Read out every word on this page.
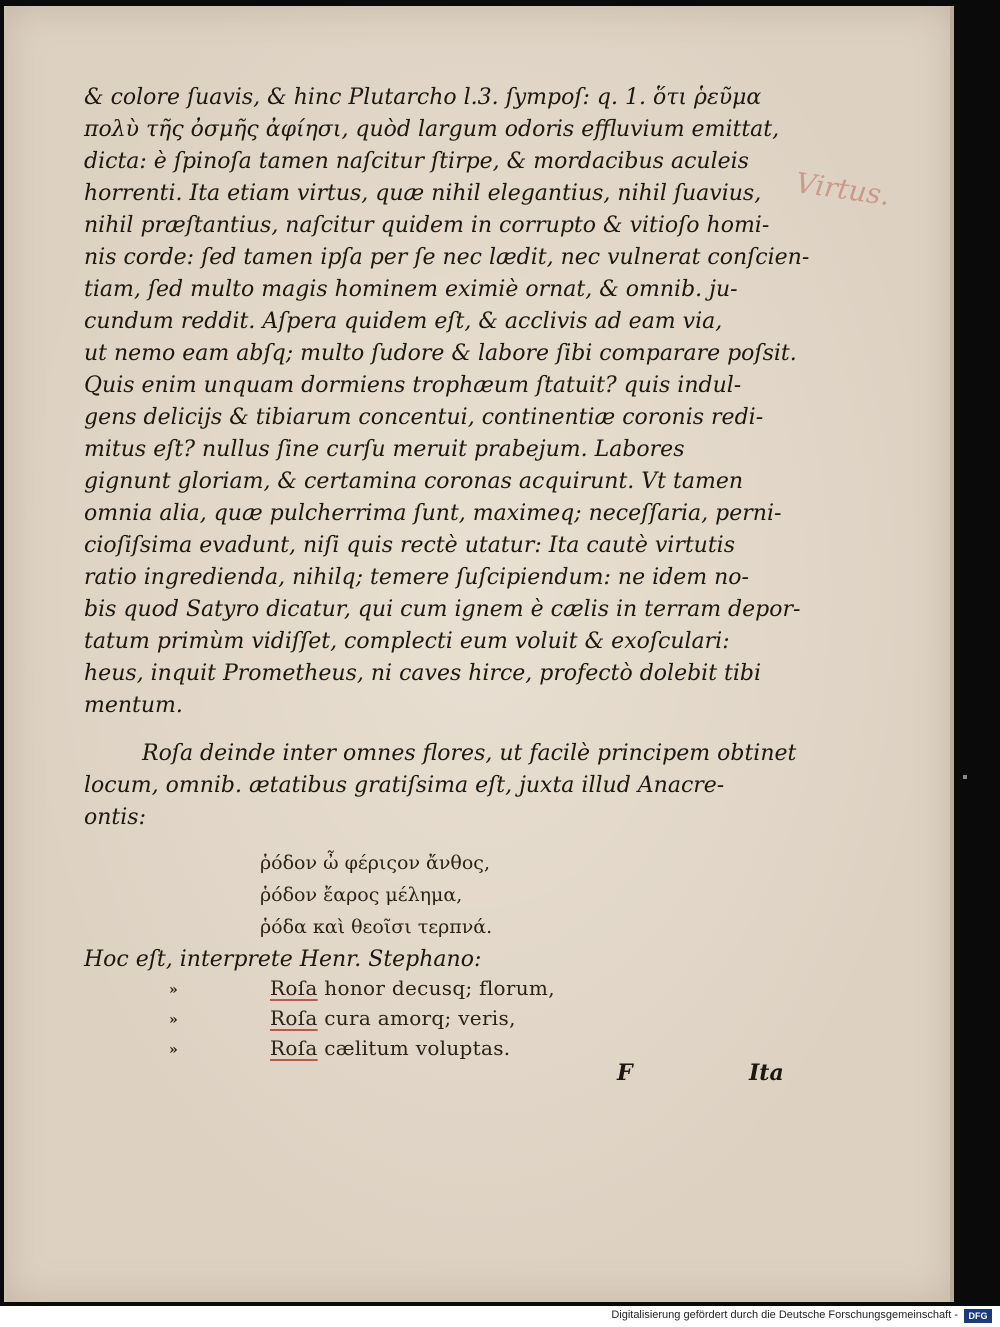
& colore ſuavis, & hinc Plutarcho l.3. ſympoſ: q. 1. ὅτι ῥεῦμα
πολὺ τῆς ὀσμῆς ἀφίησι, quòd largum odoris effluvium emittat,
dicta: è ſpinoſa tamen naſcitur ſtirpe, & mordacibus aculeis
horrenti. Ita etiam virtus, quæ nihil elegantius, nihil ſuavius,
nihil præſtantius, naſcitur quidem in corrupto & vitioſo homi-
nis corde: ſed tamen ipſa per ſe nec lædit, nec vulnerat conſcien-
tiam, ſed multo magis hominem eximiè ornat, & omnib. ju-
cundum reddit. Aſpera quidem eſt, & acclivis ad eam via,
ut nemo eam abſq; multo ſudore & labore ſibi comparare poſsit.
Quis enim unquam dormiens trophæum ſtatuit? quis indul-
gens delicijs & tibiarum concentui, continentiæ coronis redi-
mitus eſt? nullus ſine curſu meruit prabejum. Labores
gignunt gloriam, & certamina coronas acquirunt. Vt tamen
omnia alia, quæ pulcherrima ſunt, maximeq; neceſſaria, perni-
cioſiſsima evadunt, niſi quis rectè utatur: Ita cautè virtutis
ratio ingredienda, nihilq; temere ſuſcipiendum: ne idem no-
bis quod Satyro dicatur, qui cum ignem è cælis in terram depor-
tatum primùm vidiſſet, complecti eum voluit & exoſculari:
heus, inquit Prometheus, ni caves hirce, profectò dolebit tibi
mentum.
Roſa deinde inter omnes flores, ut facilè principem obtinet
locum, omnib. ætatibus gratiſsima eſt, juxta illud Anacre-
ontis:
ῥόδον ὦ φέριςον ἄνθος,
ῥόδον ἔαρος μέλημα,
ῥόδα καὶ θεοῖσι τερπνά.
Hoc eſt, interprete Henr. Stephano:
»	Roſa honor decusq; florum,
»	Roſa cura amorq; veris,
»	Roſa cælitum voluptas.
Virtus.
F	Ita
Digitalisierung gefördert durch die Deutsche Forschungsgemeinschaft -	DFG
